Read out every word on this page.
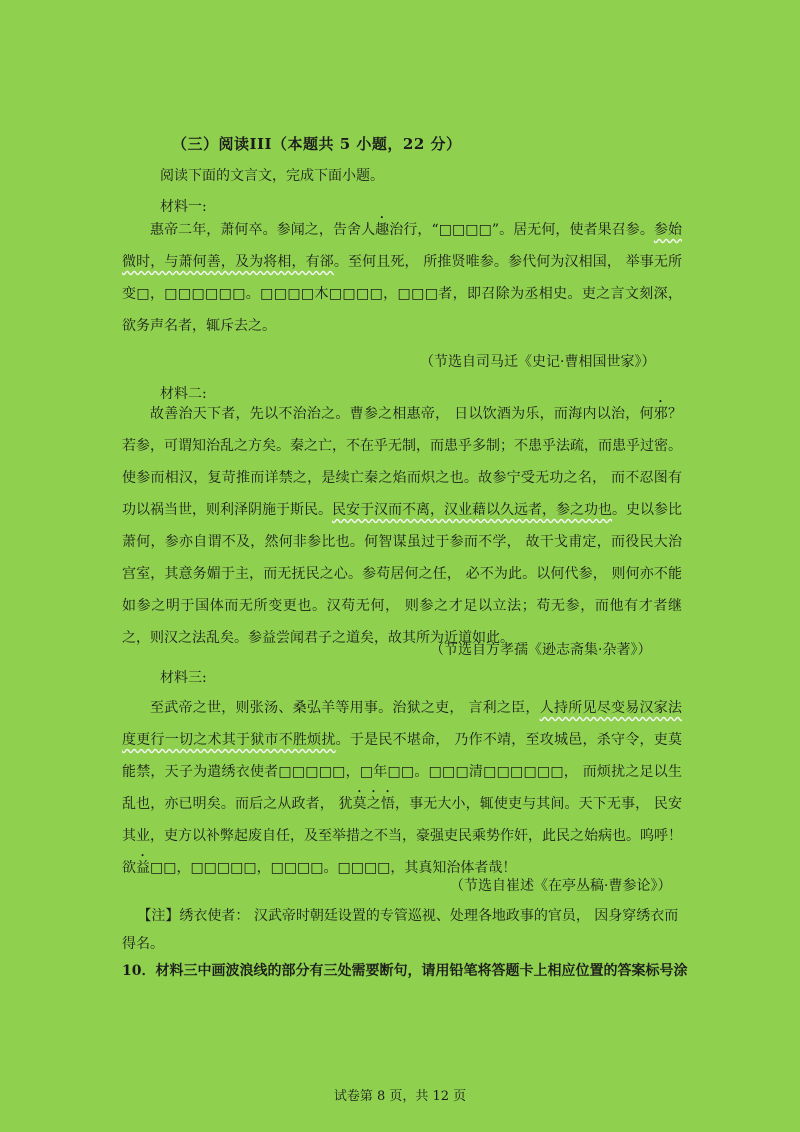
（三）阅读III（本题共 5 小题，22 分）
阅读下面的文言文，完成下面小题。
材料一:

惠帝二年，萧何卒。参闻之，告舍人趣治行，“□□□□”。居无何，使者果召参。参始微时，与萧何善，及为将相，有郤。至何且死， 所推贤唯参。参代何为汉相国， 举事无所变□，□□□□□□。□□□□木□□□□，□□□者，即召除为丞相史。吏之言文刻深，欲务声名者，辄斥去之。

（节选自司马迁《史记·曹相国世家》）
材料二:

故善治天下者，先以不治治之。曹参之相惠帝， 日以饮酒为乐，而海内以治，何邪？若参，可谓知治乱之方矣。秦之亡，不在乎无制，而患乎多制；不患乎法疏，而患乎过密。使参而相汉，复苛推而详禁之，是续亡秦之焰而炽之也。故参宁受无功之名， 而不忍图有功以祸当世，则利泽阴施于斯民。民安于汉而不离，汉业藉以久远者，参之功也。史以参比萧何，参亦自谓不及，然何非参比也。何智谋虽过于参而不学， 故干戈甫定，而役民大治宫室，其意务媚于主，而无抚民之心。参苟居何之任， 必不为此。以何代参， 则何亦不能如参之明于国体而无所变更也。汉苟无何， 则参之才足以立法；苟无参，而他有才者继之，则汉之法乱矣。参益尝闻君子之道矣，故其所为近道如此。

（节选自方孝孺《逊志斋集·杂著》）
材料三:

至武帝之世，则张汤、桑弘羊等用事。治狱之吏， 言利之臣，人持所见尽变易汉家法度更行一切之术其于狱市不胜烦扰。于是民不堪命， 乃作不靖，至攻城邑，杀守令，吏莫能禁，天子为遣绣衣使者□□□□□，□年□□。□□□清□□□□□□， 而烦扰之足以生乱也，亦已明矣。而后之从政者， 犹莫之悟，事无大小，辄使吏与其间。天下无事， 民安其业，吏方以补弊起废自任，及至举措之不当，豪强吏民乘势作奸，此民之始病也。呜呼！ 欲益□□，□□□□□，□□□□。□□□□，其真知治体者哉！

（节选自崔述《在亭丛稿·曹参论》）

【注】绣衣使者： 汉武帝时朝廷设置的专管巡视、处理各地政事的官员， 因身穿绣衣而得名。

10．材料三中画波浪线的部分有三处需要断句，请用铅笔将答题卡上相应位置的答案标号涂
试卷第 8 页，共 12 页
